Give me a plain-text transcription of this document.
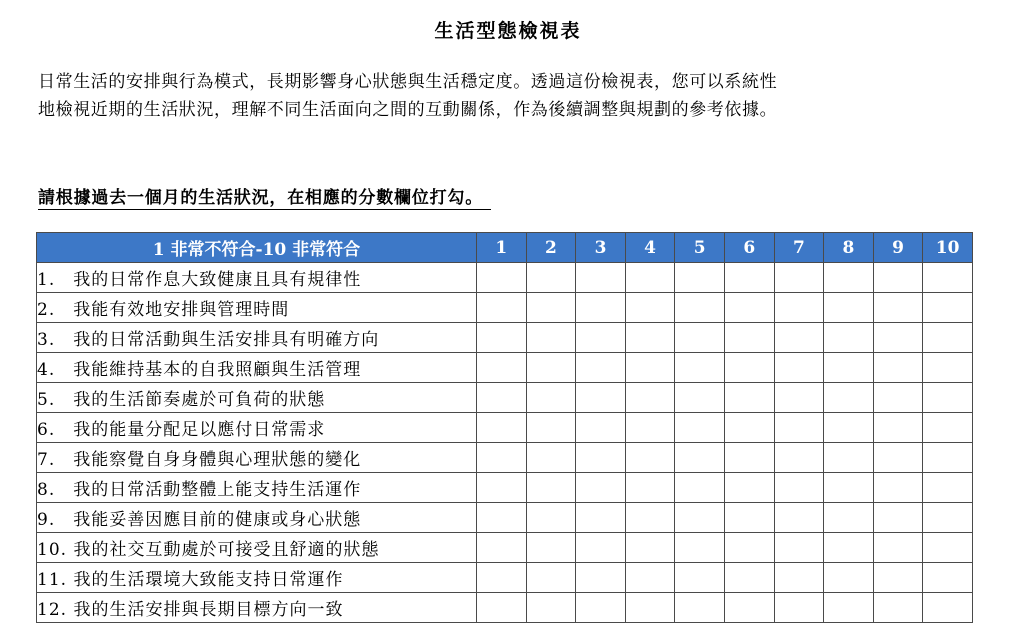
生活型態檢視表
日常生活的安排與行為模式，長期影響身心狀態與生活穩定度。透過這份檢視表，您可以系統性
地檢視近期的生活狀況，理解不同生活面向之間的互動關係，作為後續調整與規劃的參考依據。
請根據過去一個月的生活狀況，在相應的分數欄位打勾。
1 非常不符合-10 非常符合	1	2	3	4	5	6	7	8	9	10
1.　我的日常作息大致健康且具有規律性										
2.　我能有效地安排與管理時間										
3.　我的日常活動與生活安排具有明確方向										
4.　我能維持基本的自我照顧與生活管理										
5.　我的生活節奏處於可負荷的狀態										
6.　我的能量分配足以應付日常需求										
7.　我能察覺自身身體與心理狀態的變化										
8.　我的日常活動整體上能支持生活運作										
9.　我能妥善因應目前的健康或身心狀態										
10. 我的社交互動處於可接受且舒適的狀態										
11. 我的生活環境大致能支持日常運作										
12. 我的生活安排與長期目標方向一致										
